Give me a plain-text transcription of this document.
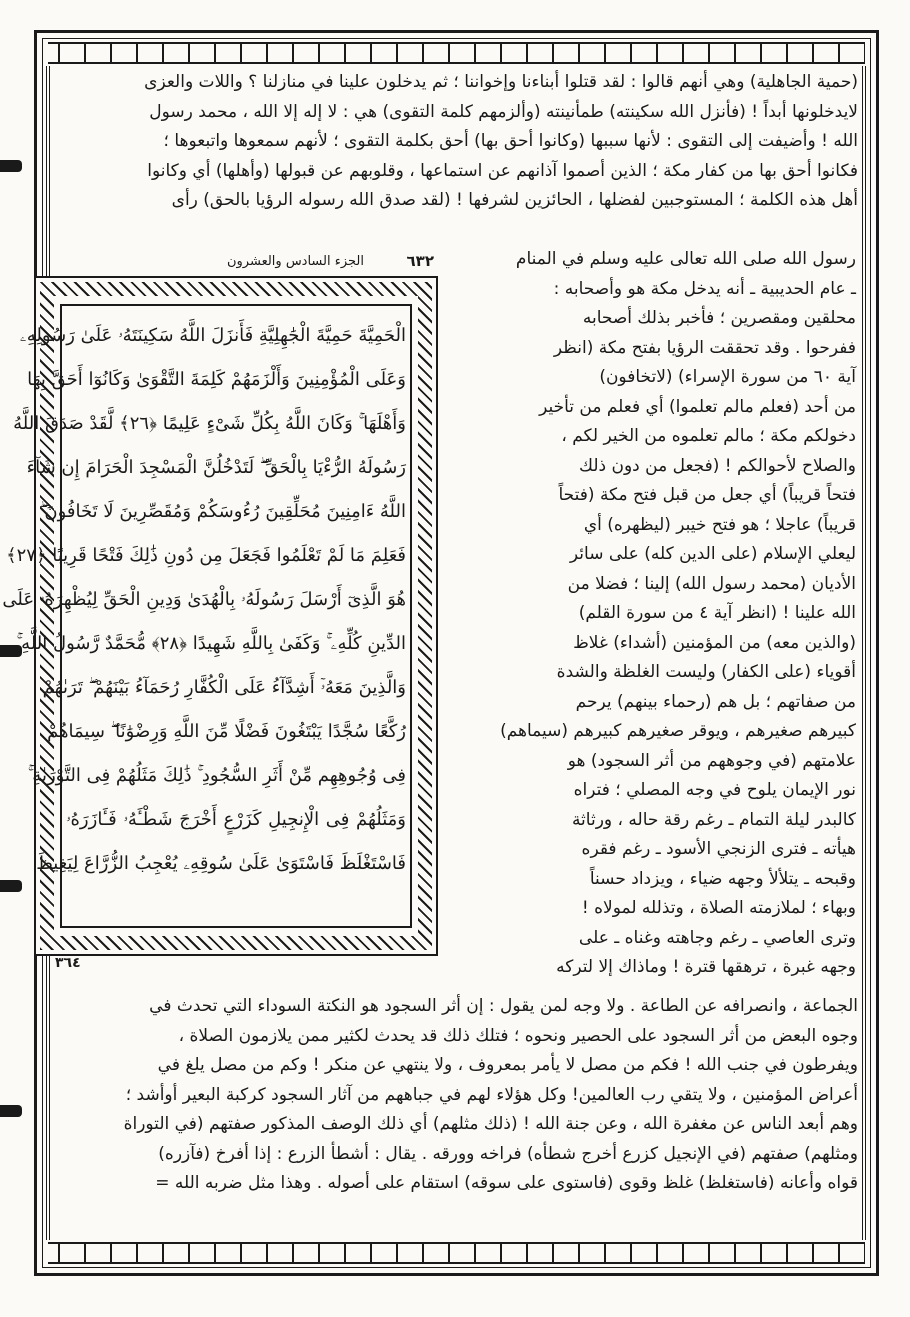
(حمية الجاهلية) وهي أنهم قالوا : لقد قتلوا أبناءنا وإخواننا ؛ ثم يدخلون علينا في منازلنا ؟ واللات والعزى

لايدخلونها أبداً ! (فأنزل الله سكينته) طمأنينته (وألزمهم كلمة التقوى) هي : لا إله إلا الله ، محمد رسول

الله ! وأضيفت إلى التقوى : لأنها سببها (وكانوا أحق بها) أحق بكلمة التقوى ؛ لأنهم سمعوها واتبعوها ؛

فكانوا أحق بها من كفار مكة ؛ الذين أصموا آذانهم عن استماعها ، وقلوبهم عن قبولها (وأهلها) أي وكانوا

أهل هذه الكلمة ؛ المستوجبين لفضلها ، الحائزين لشرفها ! (لقد صدق الله رسوله الرؤيا بالحق) رأى

٦٣٢
الجزء السادس والعشرون
الْحَمِيَّةَ حَمِيَّةَ الْجَٰهِلِيَّةِ فَأَنزَلَ اللَّهُ سَكِينَتَهُۥ عَلَىٰ رَسُولِهِۦ
وَعَلَى الْمُؤْمِنِينَ وَأَلْزَمَهُمْ كَلِمَةَ التَّقْوَىٰ وَكَانُوٓا أَحَقَّ بِهَا
وَأَهْلَهَا ۚ وَكَانَ اللَّهُ بِكُلِّ شَىْءٍ عَلِيمًا ﴿٢٦﴾ لَّقَدْ صَدَقَ اللَّهُ
رَسُولَهُ الرُّءْيَا بِالْحَقِّ ۖ لَتَدْخُلُنَّ الْمَسْجِدَ الْحَرَامَ إِن شَآءَ
اللَّهُ ءَامِنِينَ مُحَلِّقِينَ رُءُوسَكُمْ وَمُقَصِّرِينَ لَا تَخَافُونَ ۖ
فَعَلِمَ مَا لَمْ تَعْلَمُوا فَجَعَلَ مِن دُونِ ذَٰلِكَ فَتْحًا قَرِيبًا ﴿٢٧﴾
هُوَ الَّذِىٓ أَرْسَلَ رَسُولَهُۥ بِالْهُدَىٰ وَدِينِ الْحَقِّ لِيُظْهِرَهُۥ عَلَى
الدِّينِ كُلِّهِۦ ۚ وَكَفَىٰ بِاللَّهِ شَهِيدًا ﴿٢٨﴾ مُّحَمَّدٌ رَّسُولُ اللَّهِ ۚ
وَالَّذِينَ مَعَهُۥٓ أَشِدَّآءُ عَلَى الْكُفَّارِ رُحَمَآءُ بَيْنَهُمْ ۖ تَرَىٰهُمْ
رُكَّعًا سُجَّدًا يَبْتَغُونَ فَضْلًا مِّنَ اللَّهِ وَرِضْوَٰنًا ۖ سِيمَاهُمْ
فِى وُجُوهِهِم مِّنْ أَثَرِ السُّجُودِ ۚ ذَٰلِكَ مَثَلُهُمْ فِى التَّوْرَىٰةِ ۚ
وَمَثَلُهُمْ فِى الْإِنجِيلِ كَزَرْعٍ أَخْرَجَ شَطْـَٔهُۥ فَـَٔازَرَهُۥ
فَاسْتَغْلَظَ فَاسْتَوَىٰ عَلَىٰ سُوقِهِۦ يُعْجِبُ الزُّرَّاعَ لِيَغِيظَ

رسول الله صلى الله تعالى عليه وسلم في المنام

ـ عام الحديبية ـ أنه يدخل مكة هو وأصحابه :

محلقين ومقصرين ؛ فأخبر بذلك أصحابه

ففرحوا . وقد تحققت الرؤيا بفتح مكة (انظر

آية ٦٠ من سورة الإسراء) (لاتخافون)

من أحد (فعلم مالم تعلموا) أي فعلم من تأخير

دخولكم مكة ؛ مالم تعلموه من الخير لكم ،

والصلاح لأحوالكم ! (فجعل من دون ذلك

فتحاً قريباً) أي جعل من قبل فتح مكة (فتحاً

قريباً) عاجلا ؛ هو فتح خيبر (ليظهره) أي

ليعلي الإسلام (على الدين كله) على سائر

الأديان (محمد رسول الله) إلينا ؛ فضلا من

الله علينا ! (انظر آية ٤ من سورة القلم)

(والذين معه) من المؤمنين (أشداء) غلاظ

أقوياء (على الكفار) وليست الغلظة والشدة

من صفاتهم ؛ بل هم (رحماء بينهم) يرحم

كبيرهم صغيرهم ، ويوقر صغيرهم كبيرهم (سيماهم)

علامتهم (في وجوههم من أثر السجود) هو

نور الإيمان يلوح في وجه المصلي ؛ فتراه

كالبدر ليلة التمام ـ رغم رقة حاله ، ورثاثة

هيأته ـ فترى الزنجي الأسود ـ رغم فقره

وقبحه ـ يتلألأ وجهه ضياء ، ويزداد حسناً

وبهاء ؛ لملازمته الصلاة ، وتذلله لمولاه !

وترى العاصي ـ رغم وجاهته وغناه ـ على

وجهه غبرة ، ترهقها قترة ! وماذاك إلا لتركه

٣٦٤

الجماعة ، وانصرافه عن الطاعة . ولا وجه لمن يقول : إن أثر السجود هو النكتة السوداء التي تحدث في

وجوه البعض من أثر السجود على الحصير ونحوه ؛ فتلك ذلك قد يحدث لكثير ممن يلازمون الصلاة ،

ويفرطون في جنب الله ! فكم من مصل لا يأمر بمعروف ، ولا ينتهي عن منكر ! وكم من مصل يلغ في

أعراض المؤمنين ، ولا يتقي رب العالمين! وكل هؤلاء لهم في جباههم من آثار السجود كركبة البعير أوأشد ؛

وهم أبعد الناس عن مغفرة الله ، وعن جنة الله ! (ذلك مثلهم) أي ذلك الوصف المذكور صفتهم (في التوراة

ومثلهم) صفتهم (في الإنجيل كزرع أخرج شطأه) فراخه وورقه . يقال : أشطأ الزرع : إذا أفرخ (فآزره)

قواه وأعانه (فاستغلظ) غلظ وقوى (فاستوى على سوقه) استقام على أصوله . وهذا مثل ضربه الله =
